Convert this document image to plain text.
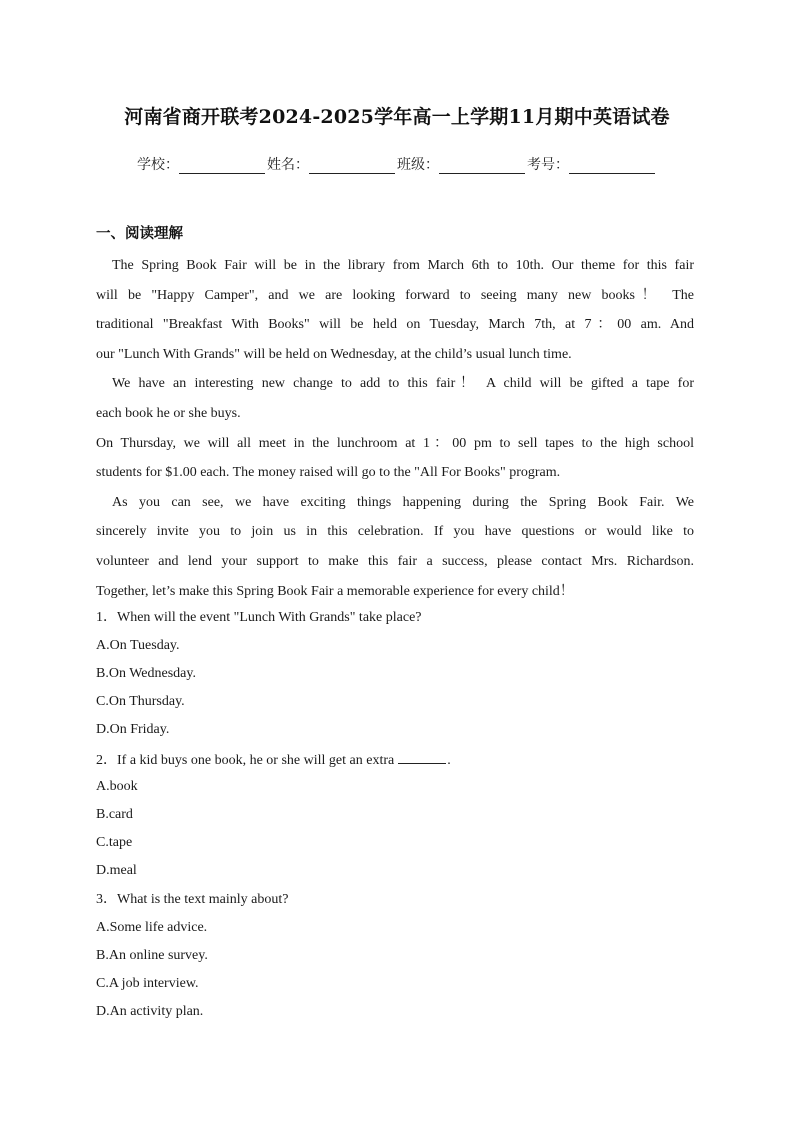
河南省商开联考2024-2025学年高一上学期11月期中英语试卷
学校：	姓名：	班级：	考号：
一、阅读理解
The Spring Book Fair will be in the library from March 6th to 10th. Our theme for this fair
will be "Happy Camper", and we are looking forward to seeing many new books！ The
traditional "Breakfast With Books" will be held on Tuesday, March 7th, at 7：00 am. And
our "Lunch With Grands" will be held on Wednesday, at the child’s usual lunch time.
We have an interesting new change to add to this fair！ A child will be gifted a tape for
each book he or she buys.
On Thursday, we will all meet in the lunchroom at 1：00 pm to sell tapes to the high school
students for $1.00 each. The money raised will go to the "All For Books" program.
As you can see, we have exciting things happening during the Spring Book Fair. We
sincerely invite you to join us in this celebration. If you have questions or would like to
volunteer and lend your support to make this fair a success, please contact Mrs. Richardson.
Together, let’s make this Spring Book Fair a memorable experience for every child！
1．When will the event "Lunch With Grands" take place?
A.On Tuesday.
B.On Wednesday.
C.On Thursday.
D.On Friday.
2．If a kid buys one book, he or she will get an extra	.
A.book
B.card
C.tape
D.meal
3．What is the text mainly about?
A.Some life advice.
B.An online survey.
C.A job interview.
D.An activity plan.
